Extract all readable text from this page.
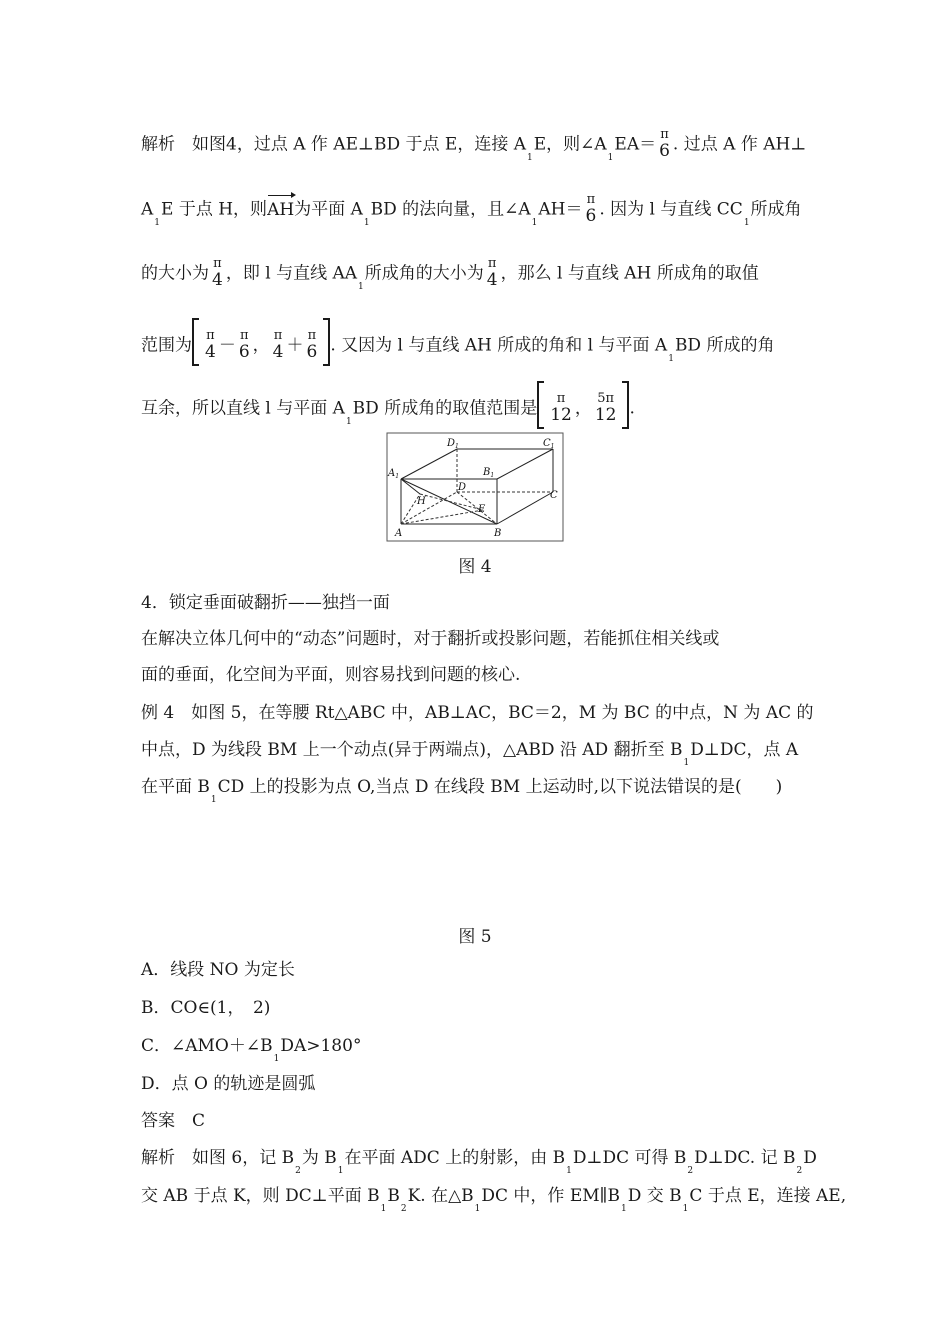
解析　如图4，过点 A 作 AE⊥BD 于点 E，连接 $A_1E$，则$\angle A_1EA= \pi$
6 . 过点 A 作 AH⊥
$A_1E$ 于点 H，则AH为平面 $A_1BD$ 的法向量，且$\angle A_1AH= \pi$
6 . 因为 l 与直线 $CC_1$所成角
的大小为 π
4 ，即 l 与直线 $AA_1$所成角的大小为 π
4 ，那么 l 与直线 AH 所成角的取值
范围为 π
4 － π
6 ， π
4 ＋ π
6 . 又因为 l 与直线 AH 所成的角和 l 与平面 $A_1BD$ 所成的角
互余，所以直线 l 与平面 $A_1BD$ 所成角的取值范围是 π
12 ， 5π
12 .
$A_1$
$D_1$	$C_1$
$B_1$
D
C
A	B
H
E
图 4
4．锁定垂面破翻折——独挡一面
在解决立体几何中的“动态”问题时，对于翻折或投影问题，若能抓住相关线或
面的垂面，化空间为平面，则容易找到问题的核心.
例 4　如图 5，在等腰 Rt△ABC 中，AB⊥AC，BC＝2，M 为 BC 的中点，N 为 AC 的
中点，D 为线段 BM 上一个动点(异于两端点)，△ABD 沿 AD 翻折至 $B_1D\perp DC$，点 A
在平面 $B_1CD$ 上的投影为点 O,当点 D 在线段 BM 上运动时,以下说法错误的是(　　)
图 5
A．线段 NO 为定长
B．CO∈(1，　2)
C．$\angle AMO+\angle B_1DA>180^\circ$
D．点 O 的轨迹是圆弧
答案　C
解析　如图 6，记 $B_2$为 $B_1$在平面 ADC 上的射影，由 $B_1D\perp DC$ 可得 $B_2D\perp DC$. 记 $B_2D$
交 AB 于点 K，则 DC⊥平面 $B_1B_2K$. 在$\triangle B_1DC$ 中，作 $EM\parallel B_1D$ 交 $B_1C$ 于点 E，连接 AE,
